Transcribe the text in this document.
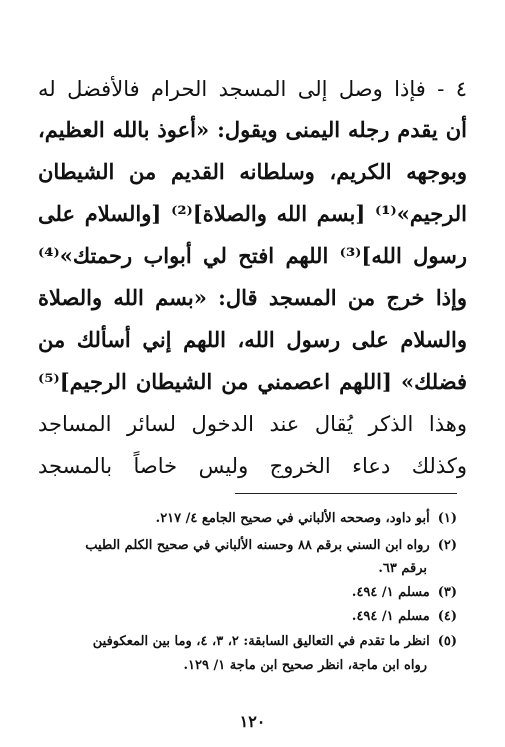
٤ - فإذا وصل إلى المسجد الحرام فالأفضل له
أن يقدم رجله اليمنى ويقول: «أعوذ بالله العظيم،
وبوجهه الكريم، وسلطانه القديم من الشيطان
الرجيم»⁽¹⁾ [بسم الله والصلاة]⁽²⁾ [والسلام على
رسول الله]⁽³⁾ اللهم افتح لي أبواب رحمتك»⁽⁴⁾
وإذا خرج من المسجد قال: «بسم الله والصلاة
والسلام على رسول الله، اللهم إني أسألك من
فضلك» [اللهم اعصمني من الشيطان الرجيم]⁽⁵⁾
وهذا الذكر يُقال عند الدخول لسائر المساجد
وكذلك دعاء الخروج وليس خاصاً بالمسجد
(١)أبو داود، وصححه الألباني في صحيح الجامع ٤/ ٢١٧.
(٢)رواه ابن السني برقم ٨٨ وحسنه الألباني في صحيح الكلم الطيب
برقم ٦٣.
(٣)مسلم ١/ ٤٩٤.
(٤)مسلم ١/ ٤٩٤.
(٥)انظر ما تقدم في التعاليق السابقة: ٢، ٣، ٤، وما بين المعكوفين
رواه ابن ماجة، انظر صحيح ابن ماجة ١/ ١٢٩.
١٢٠
